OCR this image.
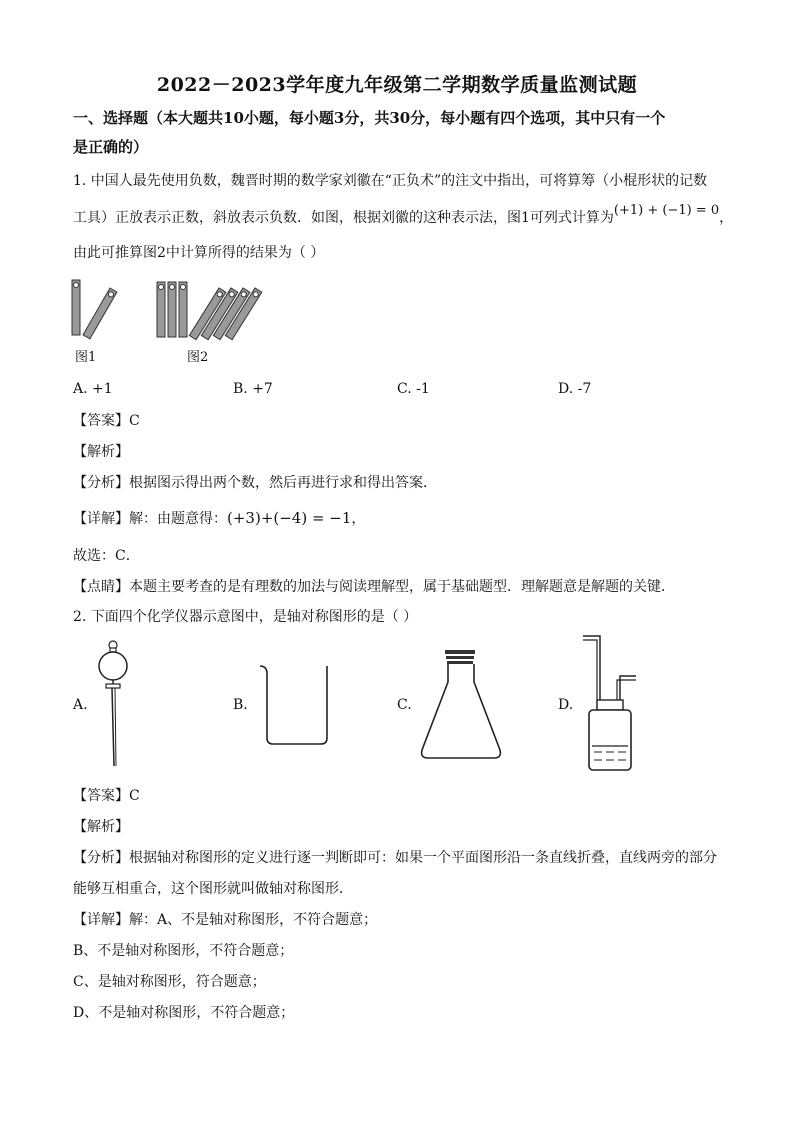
2022－2023学年度九年级第二学期数学质量监测试题
一、选择题（本大题共10小题，每小题3分，共30分，每小题有四个选项，其中只有一个
是正确的）
1. 中国人最先使用负数，魏晋时期的数学家刘徽在“正负术”的注文中指出，可将算筹（小棍形状的记数
工具）正放表示正数，斜放表示负数．如图，根据刘徽的这种表示法，图1可列式计算为(+1) + (−1) = 0，
由此可推算图2中计算所得的结果为（ ）
图1	图2
A. +1	B. +7	C. -1	D. -7
【答案】C
【解析】
【分析】根据图示得出两个数，然后再进行求和得出答案．
【详解】解：由题意得：(+3)+(−4) = −1，
故选：C．
【点睛】本题主要考查的是有理数的加法与阅读理解型，属于基础题型．理解题意是解题的关键．
2. 下面四个化学仪器示意图中，是轴对称图形的是（ ）
A.	B.	C.	D.
【答案】C
【解析】
【分析】根据轴对称图形的定义进行逐一判断即可：如果一个平面图形沿一条直线折叠，直线两旁的部分
能够互相重合，这个图形就叫做轴对称图形．
【详解】解：A、不是轴对称图形，不符合题意；
B、不是轴对称图形，不符合题意；
C、是轴对称图形，符合题意；
D、不是轴对称图形，不符合题意；
